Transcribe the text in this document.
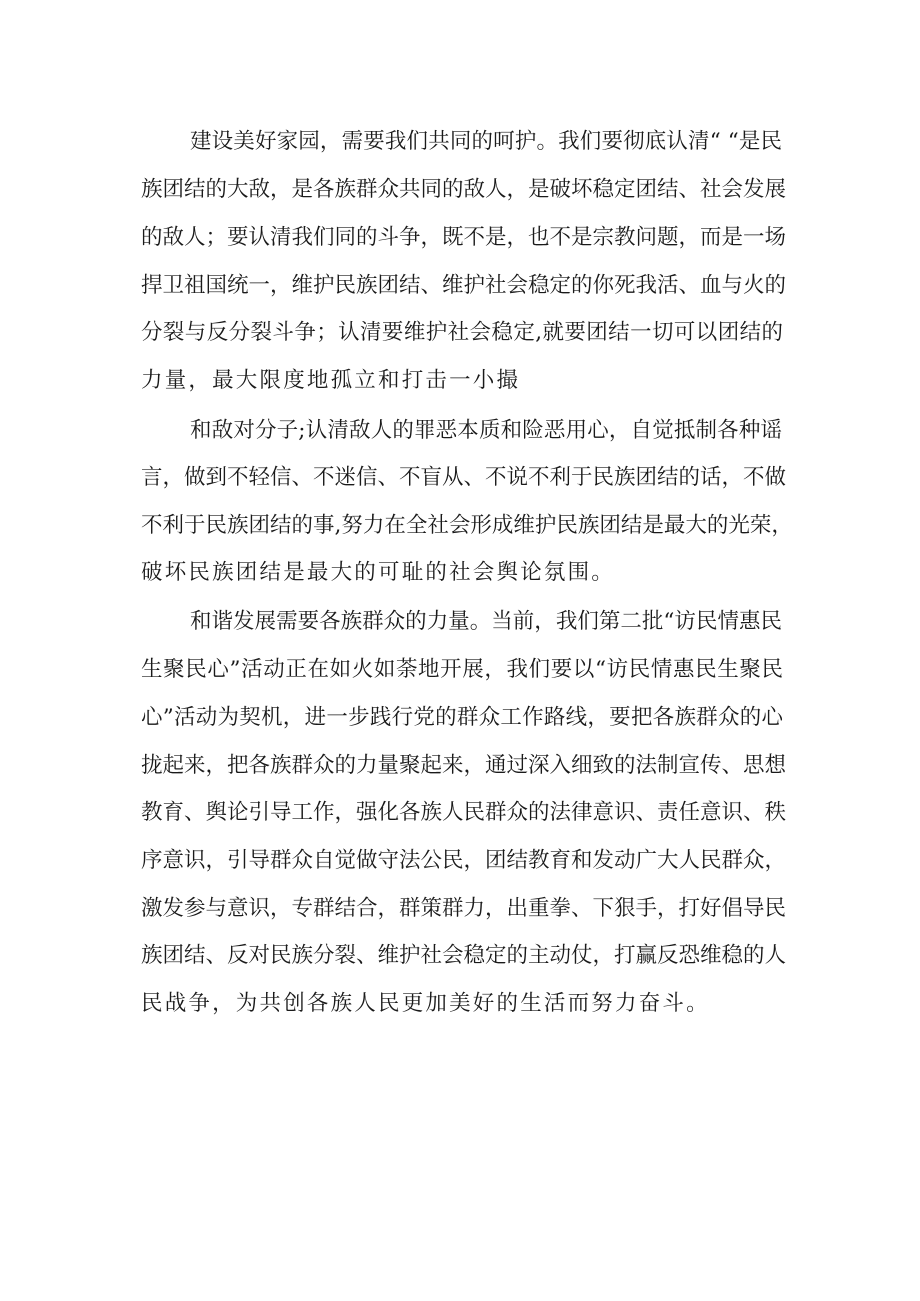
建设美好家园，需要我们共同的呵护。我们要彻底认清“ “是民
族团结的大敌，是各族群众共同的敌人，是破坏稳定团结、社会发展
的敌人；要认清我们同的斗争，既不是，也不是宗教问题，而是一场
捍卫祖国统一，维护民族团结、维护社会稳定的你死我活、血与火的
分裂与反分裂斗争；认清要维护社会稳定,就要团结一切可以团结的
力量，最大限度地孤立和打击一小撮
和敌对分子;认清敌人的罪恶本质和险恶用心，自觉抵制各种谣
言，做到不轻信、不迷信、不盲从、不说不利于民族团结的话，不做
不利于民族团结的事,努力在全社会形成维护民族团结是最大的光荣，
破坏民族团结是最大的可耻的社会舆论氛围。
和谐发展需要各族群众的力量。当前，我们第二批“访民情惠民
生聚民心”活动正在如火如荼地开展，我们要以“访民情惠民生聚民
心”活动为契机，进一步践行党的群众工作路线，要把各族群众的心
拢起来，把各族群众的力量聚起来，通过深入细致的法制宣传、思想
教育、舆论引导工作，强化各族人民群众的法律意识、责任意识、秩
序意识，引导群众自觉做守法公民，团结教育和发动广大人民群众，
激发参与意识，专群结合，群策群力，出重拳、下狠手，打好倡导民
族团结、反对民族分裂、维护社会稳定的主动仗，打赢反恐维稳的人
民战争，为共创各族人民更加美好的生活而努力奋斗。
